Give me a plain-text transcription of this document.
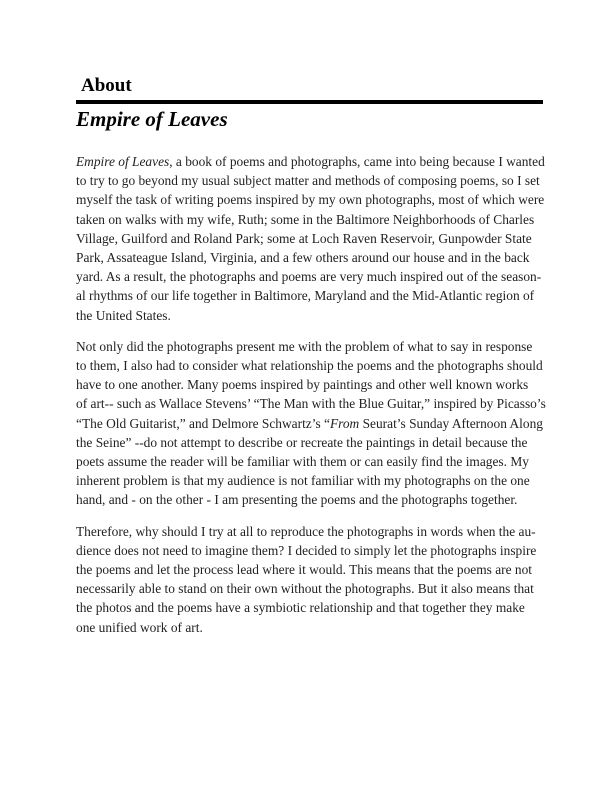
About
Empire of Leaves

Empire of Leaves, a book of poems and photographs, came into being because I wanted
to try to go beyond my usual subject matter and methods of composing poems, so I set
myself the task of writing poems inspired by my own photographs, most of which were
taken on walks with my wife, Ruth; some in the Baltimore Neighborhoods of Charles
Village, Guilford and Roland Park; some at Loch Raven Reservoir, Gunpowder State
Park, Assateague Island, Virginia, and a few others around our house and in the back
yard. As a result, the photographs and poems are very much inspired out of the season-
al rhythms of our life together in Baltimore, Maryland and the Mid-Atlantic region of
the United States.

Not only did the photographs present me with the problem of what to say in response
to them, I also had to consider what relationship the poems and the photographs should
have to one another. Many poems inspired by paintings and other well known works
of art-- such as Wallace Stevens’ “The Man with the Blue Guitar,” inspired by Picasso’s
“The Old Guitarist,” and Delmore Schwartz’s “From Seurat’s Sunday Afternoon Along
the Seine” --do not attempt to describe or recreate the paintings in detail because the
poets assume the reader will be familiar with them or can easily find the images. My
inherent problem is that my audience is not familiar with my photographs on the one
hand, and - on the other - I am presenting the poems and the photographs together.

Therefore, why should I try at all to reproduce the photographs in words when the au-
dience does not need to imagine them? I decided to simply let the photographs inspire
the poems and let the process lead where it would. This means that the poems are not
necessarily able to stand on their own without the photographs. But it also means that
the photos and the poems have a symbiotic relationship and that together they make
one unified work of art.
